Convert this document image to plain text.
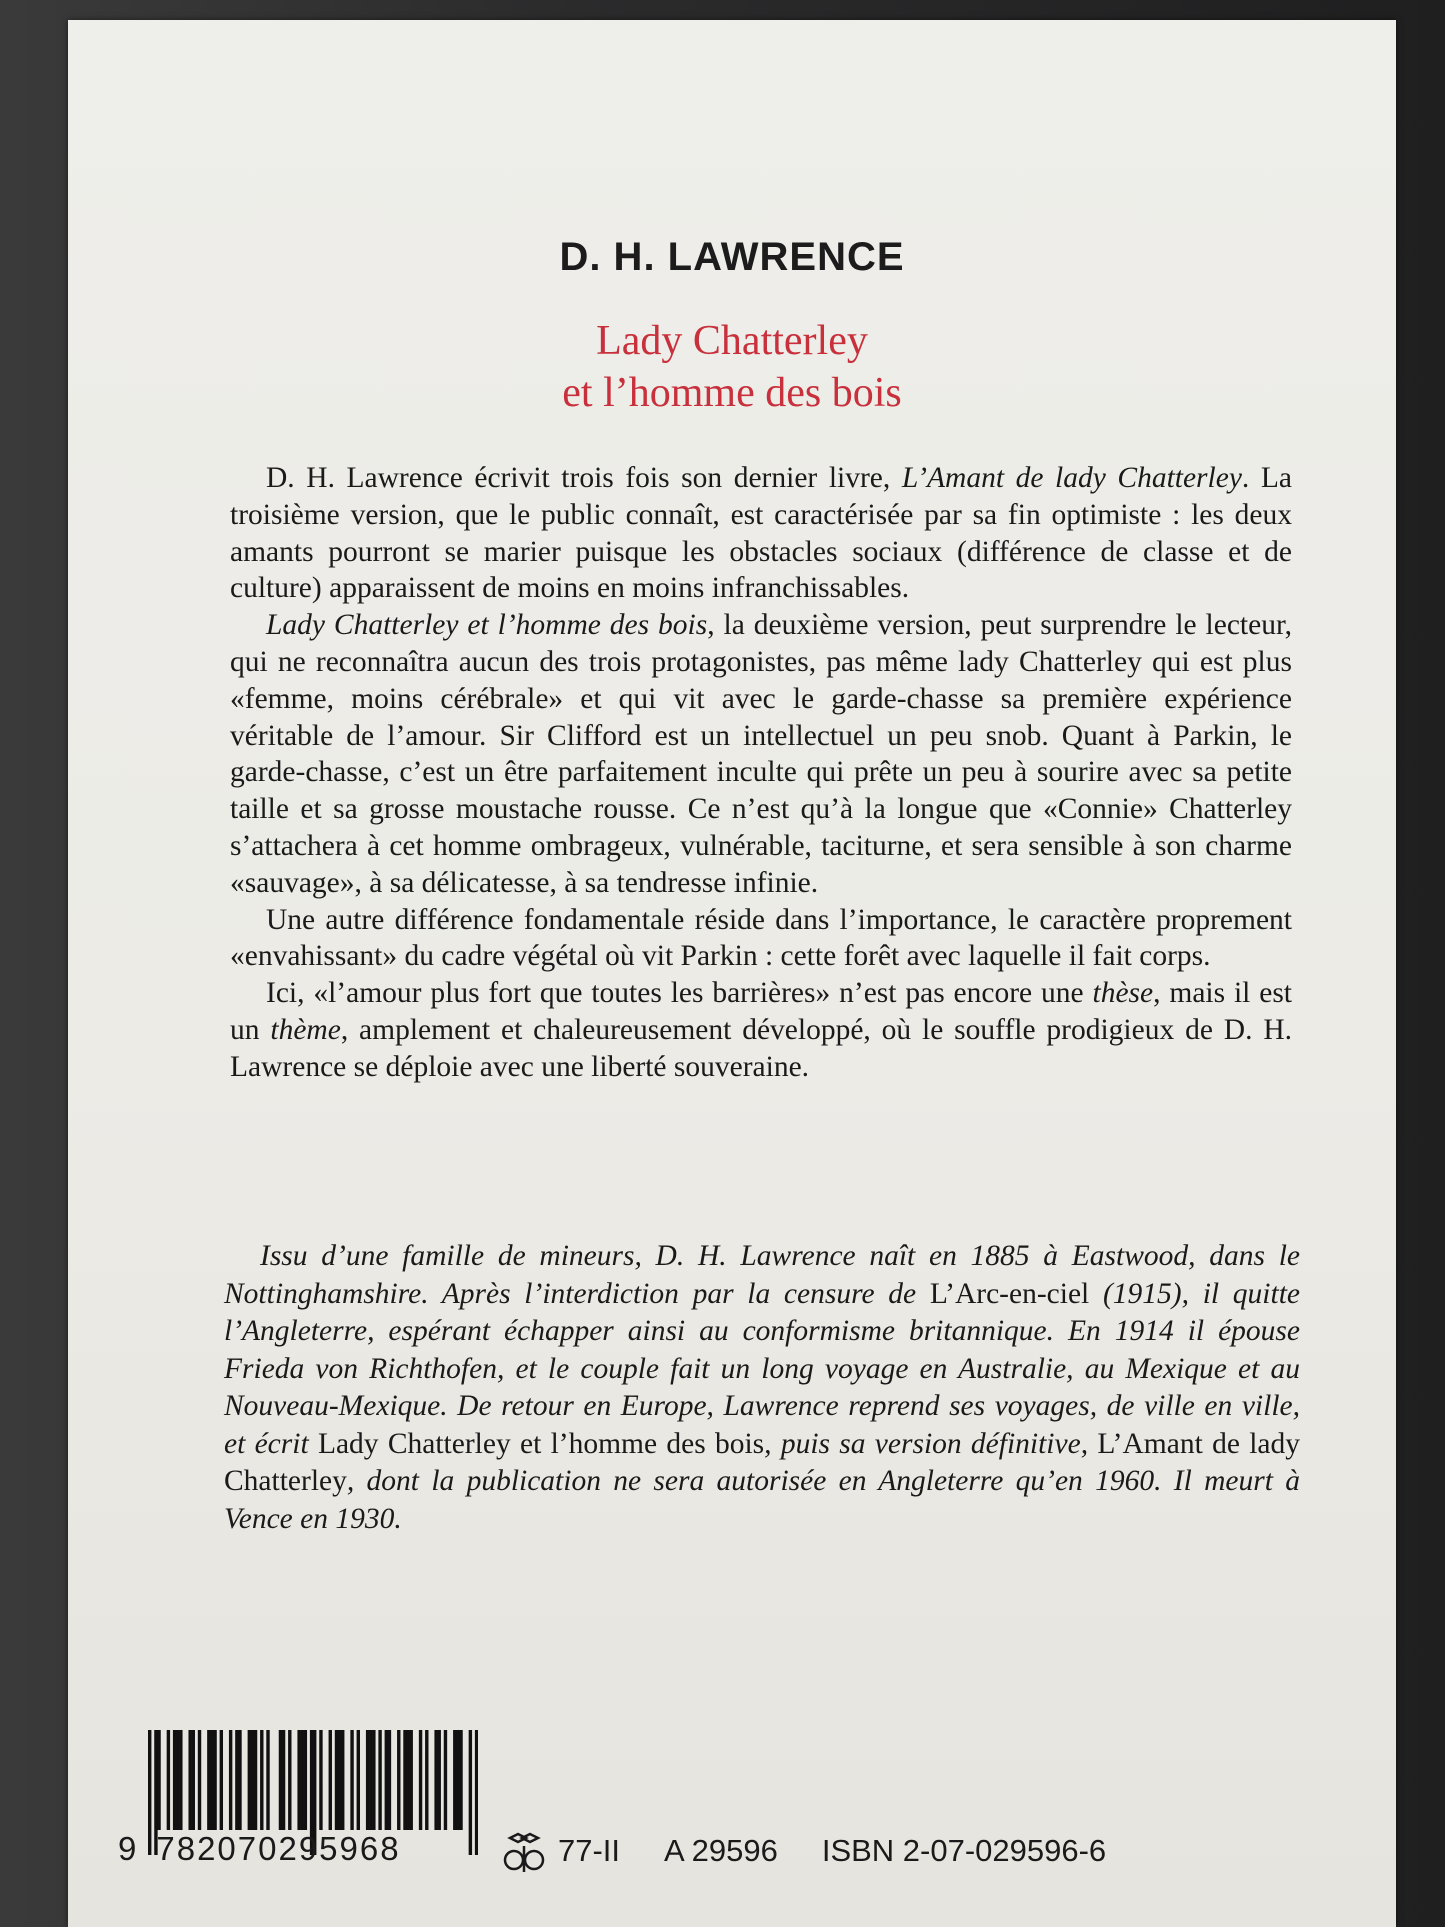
D. H. LAWRENCE
Lady Chatterley
et l’homme des bois

D. H. Lawrence écrivit trois fois son dernier livre, L’Amant de lady Chatterley. La troisième version, que le public connaît, est caractérisée par sa fin optimiste : les deux amants pourront se marier puisque les obstacles sociaux (différence de classe et de culture) apparaissent de moins en moins infranchissables.

Lady Chatterley et l’homme des bois, la deuxième version, peut surprendre le lecteur, qui ne reconnaîtra aucun des trois protagonistes, pas même lady Chatterley qui est plus «femme, moins cérébrale» et qui vit avec le garde-chasse sa première expérience véritable de l’amour. Sir Clifford est un intellectuel un peu snob. Quant à Parkin, le garde-chasse, c’est un être parfaitement inculte qui prête un peu à sourire avec sa petite taille et sa grosse moustache rousse. Ce n’est qu’à la longue que «Connie» Chatterley s’attachera à cet homme ombrageux, vulnérable, taciturne, et sera sensible à son charme «sauvage», à sa délicatesse, à sa tendresse infinie.

Une autre différence fondamentale réside dans l’importance, le caractère proprement «envahissant» du cadre végétal où vit Parkin : cette forêt avec laquelle il fait corps.

Ici, «l’amour plus fort que toutes les barrières» n’est pas encore une thèse, mais il est un thème, amplement et chaleureusement développé, où le souffle prodigieux de D. H. Lawrence se déploie avec une liberté souveraine.

Issu d’une famille de mineurs, D. H. Lawrence naît en 1885 à Eastwood, dans le Nottinghamshire. Après l’interdiction par la censure de L’Arc-en-ciel (1915), il quitte l’Angleterre, espérant échapper ainsi au conformisme britannique. En 1914 il épouse Frieda von Richthofen, et le couple fait un long voyage en Australie, au Mexique et au Nouveau-Mexique. De retour en Europe, Lawrence reprend ses voyages, de ville en ville, et écrit Lady Chatterley et l’homme des bois, puis sa version définitive, L’Amant de lady Chatterley, dont la publication ne sera autorisée en Angleterre qu’en 1960. Il meurt à Vence en 1930.

9 782070295968	77-II A 29596 ISBN 2-07-029596-6
